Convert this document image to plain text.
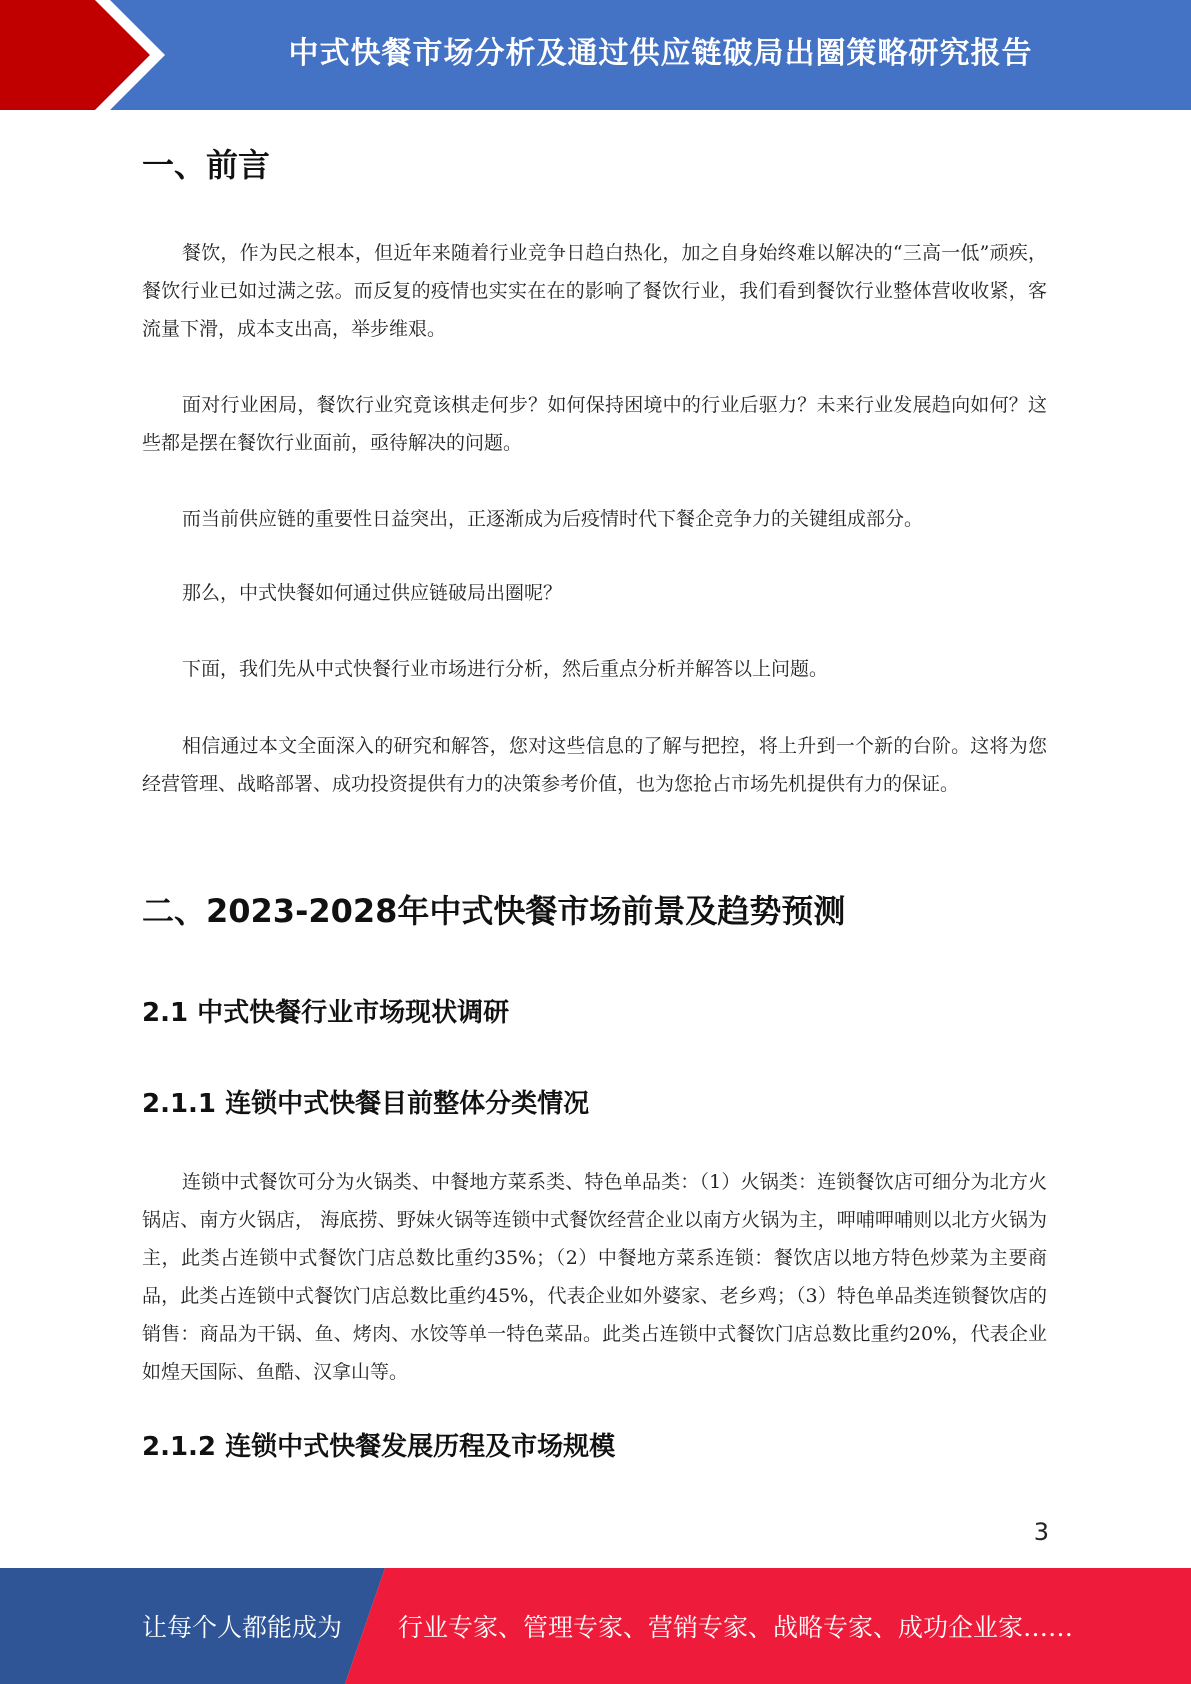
中式快餐市场分析及通过供应链破局出圈策略研究报告
一、前言

餐饮，作为民之根本，但近年来随着行业竞争日趋白热化，加之自身始终难以解决的“三高一低”顽疾，餐饮行业已如过满之弦。而反复的疫情也实实在在的影响了餐饮行业，我们看到餐饮行业整体营收收紧，客流量下滑，成本支出高，举步维艰。

面对行业困局，餐饮行业究竟该棋走何步？如何保持困境中的行业后驱力？未来行业发展趋向如何？这些都是摆在餐饮行业面前，亟待解决的问题。

而当前供应链的重要性日益突出，正逐渐成为后疫情时代下餐企竞争力的关键组成部分。

那么，中式快餐如何通过供应链破局出圈呢？

下面，我们先从中式快餐行业市场进行分析，然后重点分析并解答以上问题。

相信通过本文全面深入的研究和解答，您对这些信息的了解与把控，将上升到一个新的台阶。这将为您经营管理、战略部署、成功投资提供有力的决策参考价值，也为您抢占市场先机提供有力的保证。

二、2023-2028年中式快餐市场前景及趋势预测
2.1 中式快餐行业市场现状调研
2.1.1 连锁中式快餐目前整体分类情况

连锁中式餐饮可分为火锅类、中餐地方菜系类、特色单品类：（1）火锅类：连锁餐饮店可细分为北方火锅店、南方火锅店， 海底捞、野妹火锅等连锁中式餐饮经营企业以南方火锅为主，呷哺呷哺则以北方火锅为主，此类占连锁中式餐饮门店总数比重约35%；（2）中餐地方菜系连锁：餐饮店以地方特色炒菜为主要商品，此类占连锁中式餐饮门店总数比重约45%，代表企业如外婆家、老乡鸡；（3）特色单品类连锁餐饮店的销售：商品为干锅、鱼、烤肉、水饺等单一特色菜品。此类占连锁中式餐饮门店总数比重约20%，代表企业如煌天国际、鱼酷、汉拿山等。

2.1.2 连锁中式快餐发展历程及市场规模
3
让每个人都能成为 行业专家、管理专家、营销专家、战略专家、成功企业家……
